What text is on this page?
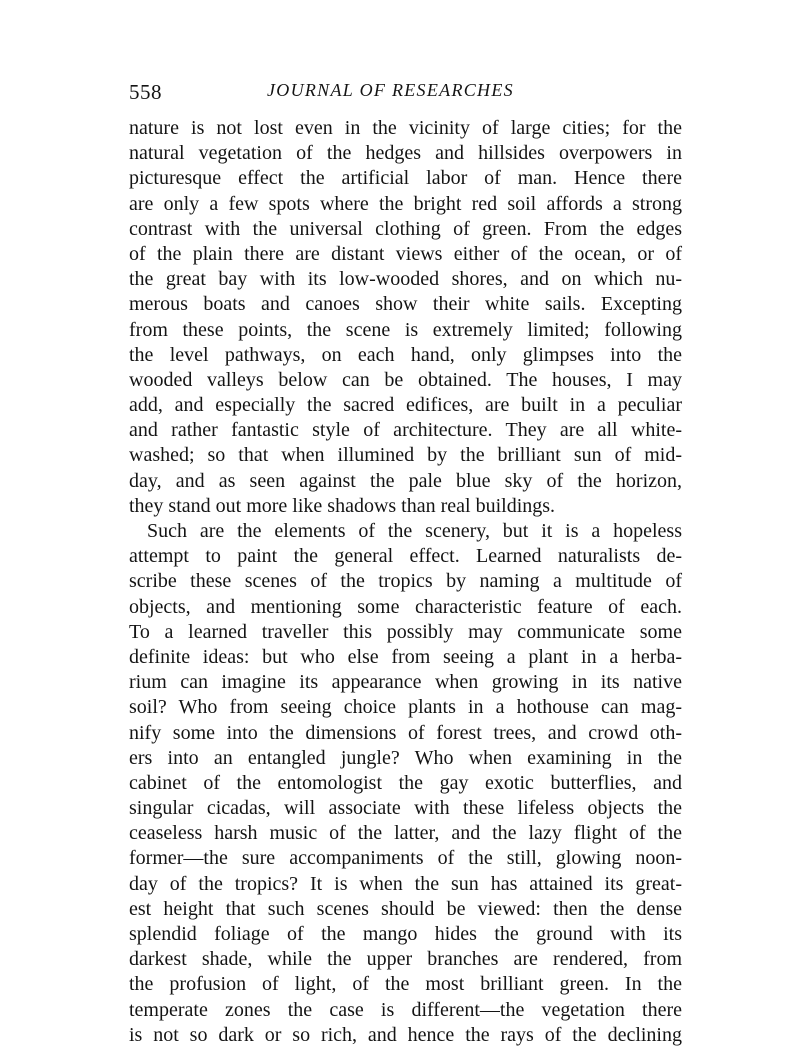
558	JOURNAL OF RESEARCHES
nature is not lost even in the vicinity of large cities; for the
natural vegetation of the hedges and hillsides overpowers in
picturesque effect the artificial labor of man. Hence there
are only a few spots where the bright red soil affords a strong
contrast with the universal clothing of green. From the edges
of the plain there are distant views either of the ocean, or of
the great bay with its low-wooded shores, and on which nu-
merous boats and canoes show their white sails. Excepting
from these points, the scene is extremely limited; following
the level pathways, on each hand, only glimpses into the
wooded valleys below can be obtained. The houses, I may
add, and especially the sacred edifices, are built in a peculiar
and rather fantastic style of architecture. They are all white-
washed; so that when illumined by the brilliant sun of mid-
day, and as seen against the pale blue sky of the horizon,
they stand out more like shadows than real buildings.
Such are the elements of the scenery, but it is a hopeless
attempt to paint the general effect. Learned naturalists de-
scribe these scenes of the tropics by naming a multitude of
objects, and mentioning some characteristic feature of each.
To a learned traveller this possibly may communicate some
definite ideas: but who else from seeing a plant in a herba-
rium can imagine its appearance when growing in its native
soil? Who from seeing choice plants in a hothouse can mag-
nify some into the dimensions of forest trees, and crowd oth-
ers into an entangled jungle? Who when examining in the
cabinet of the entomologist the gay exotic butterflies, and
singular cicadas, will associate with these lifeless objects the
ceaseless harsh music of the latter, and the lazy flight of the
former—the sure accompaniments of the still, glowing noon-
day of the tropics? It is when the sun has attained its great-
est height that such scenes should be viewed: then the dense
splendid foliage of the mango hides the ground with its
darkest shade, while the upper branches are rendered, from
the profusion of light, of the most brilliant green. In the
temperate zones the case is different—the vegetation there
is not so dark or so rich, and hence the rays of the declining
